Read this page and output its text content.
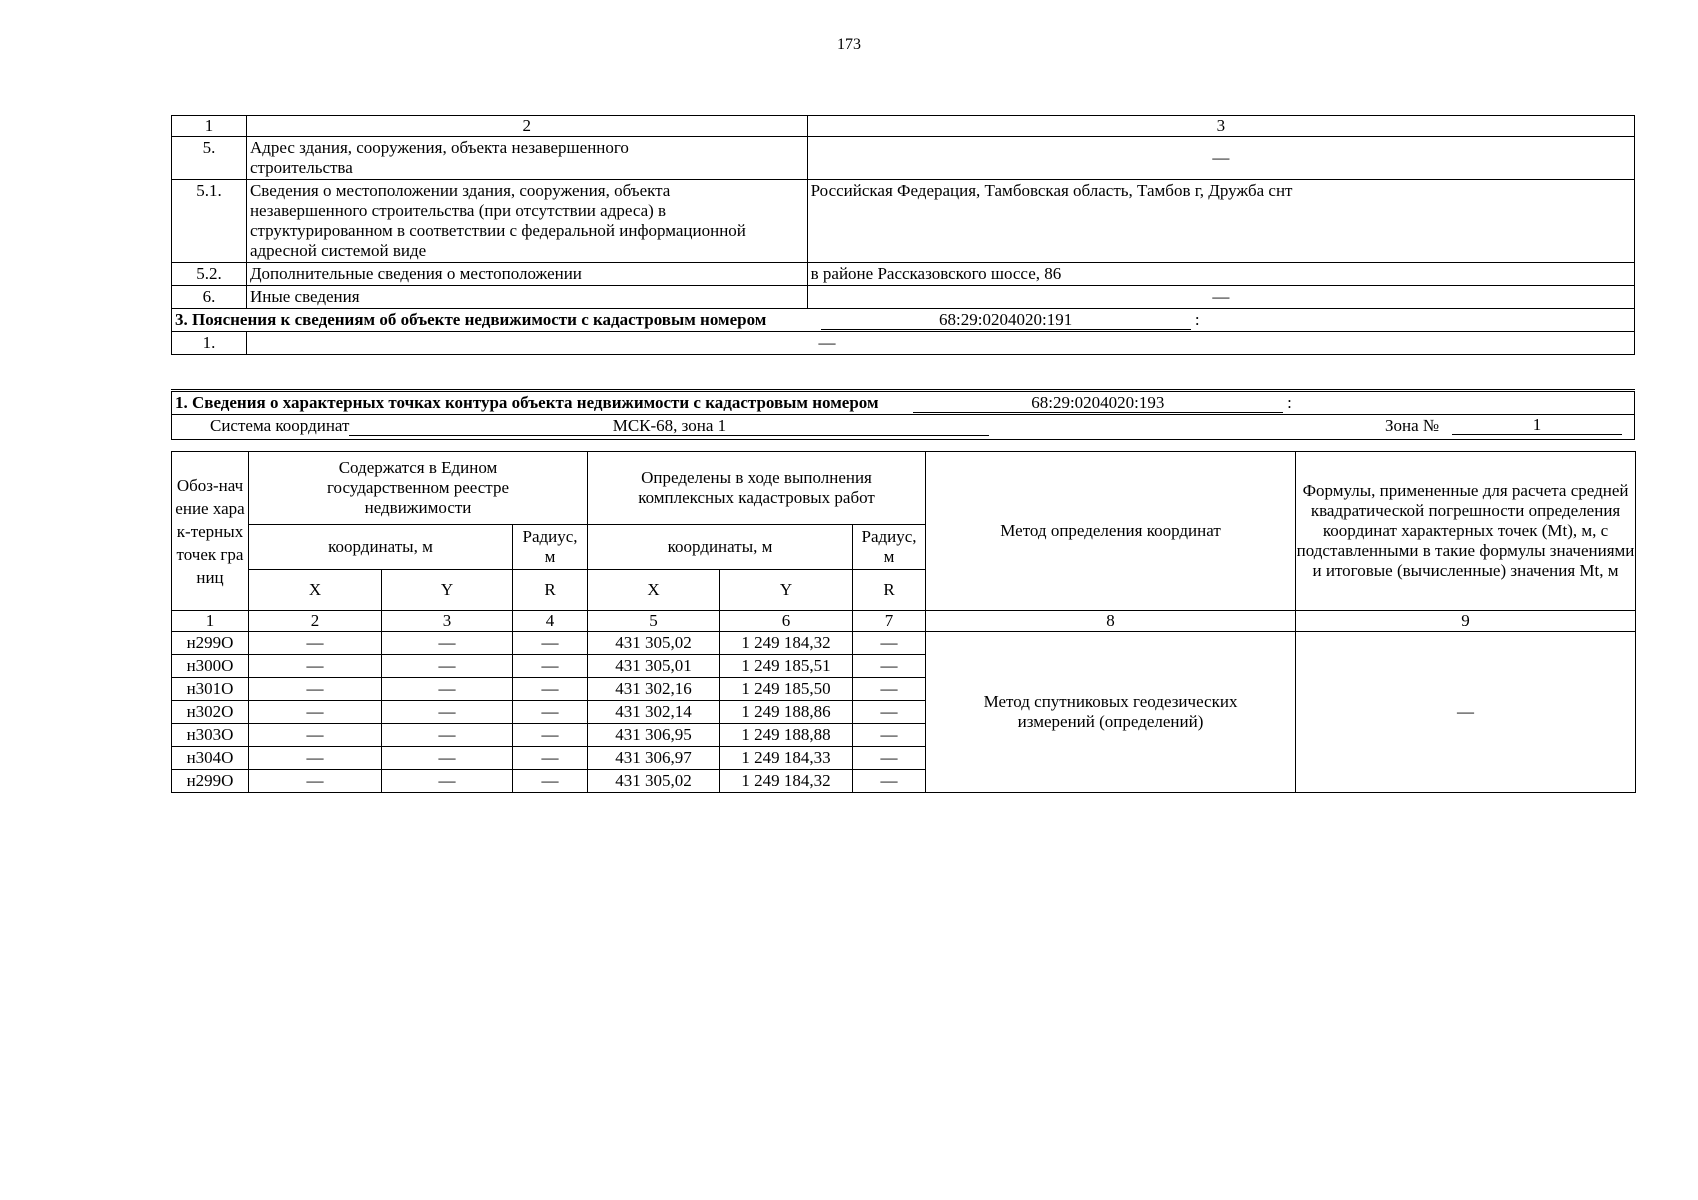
173
1	2	3
5.	Адрес здания, сооружения, объекта незавершенного строительства	—
5.1.	Сведения о местоположении здания, сооружения, объекта незавершенного строительства (при отсутствии адреса) в структурированном в соответствии с федеральной информационной адресной системой виде	Российская Федерация, Тамбовская область, Тамбов г, Дружба снт
5.2.	Дополнительные сведения о местоположении	в районе Рассказовского шоссе, 86
6.	Иные сведения	—
3. Пояснения к сведениям об объекте недвижимости с кадастровым номером 68:29:0204020:191 :		
1.	—	
1. Сведения о характерных точках контура объекта недвижимости с кадастровым номером	68:29:0204020:193	:
Система координат	МСК-68, зона 1	Зона №	1
Обоз-начение харак-терных точек границ	Содержатся в Едином государственном реестре недвижимости			Определены в ходе выполнения комплексных кадастровых работ			Метод определения координат	Формулы, примененные для расчета средней квадратической погрешности определения координат характерных точек (Mt), м, с подставленными в такие формулы значениями и итоговые (вычисленные) значения Mt, м
	координаты, м		Радиус, м	координаты, м		Радиус, м		
	X	Y	R	X	Y	R		
1	2	3	4	5	6	7	8	9
н299О	—	—	—	431 305,02	1 249 184,32	—	Метод спутниковых геодезических измерений (определений)	—
н300О	—	—	—	431 305,01	1 249 185,51	—		
н301О	—	—	—	431 302,16	1 249 185,50	—		
н302О	—	—	—	431 302,14	1 249 188,86	—		
н303О	—	—	—	431 306,95	1 249 188,88	—		
н304О	—	—	—	431 306,97	1 249 184,33	—		
н299О	—	—	—	431 305,02	1 249 184,32	—		
